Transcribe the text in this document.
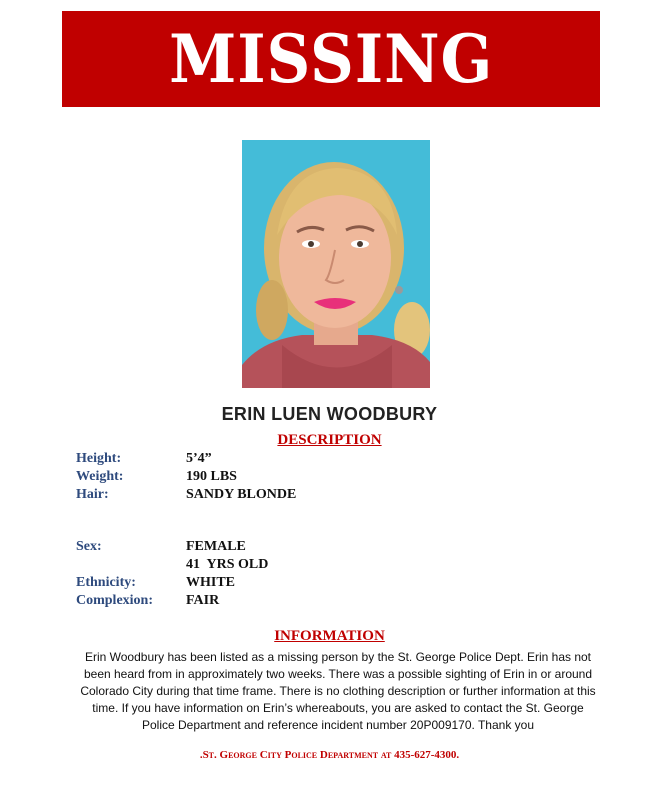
MISSING
ERIN LUEN WOODBURY
DESCRIPTION
Height:	5’4”
Weight:	190 LBS
Hair:	SANDY BLONDE
Sex:	FEMALE
41  YRS OLD
Ethnicity:	WHITE
Complexion: FAIR
INFORMATION
Erin Woodbury has been listed as a missing person by the St. George Police Dept. Erin has not been heard from in approximately two weeks. There was a possible sighting of Erin in or around Colorado City during that time frame. There is no clothing description or further information at this time. If you have information on Erin’s whereabouts, you are asked to contact the St. George Police Department and reference incident number 20P009170. Thank you
.St. George City Police Department at 435-627-4300.
